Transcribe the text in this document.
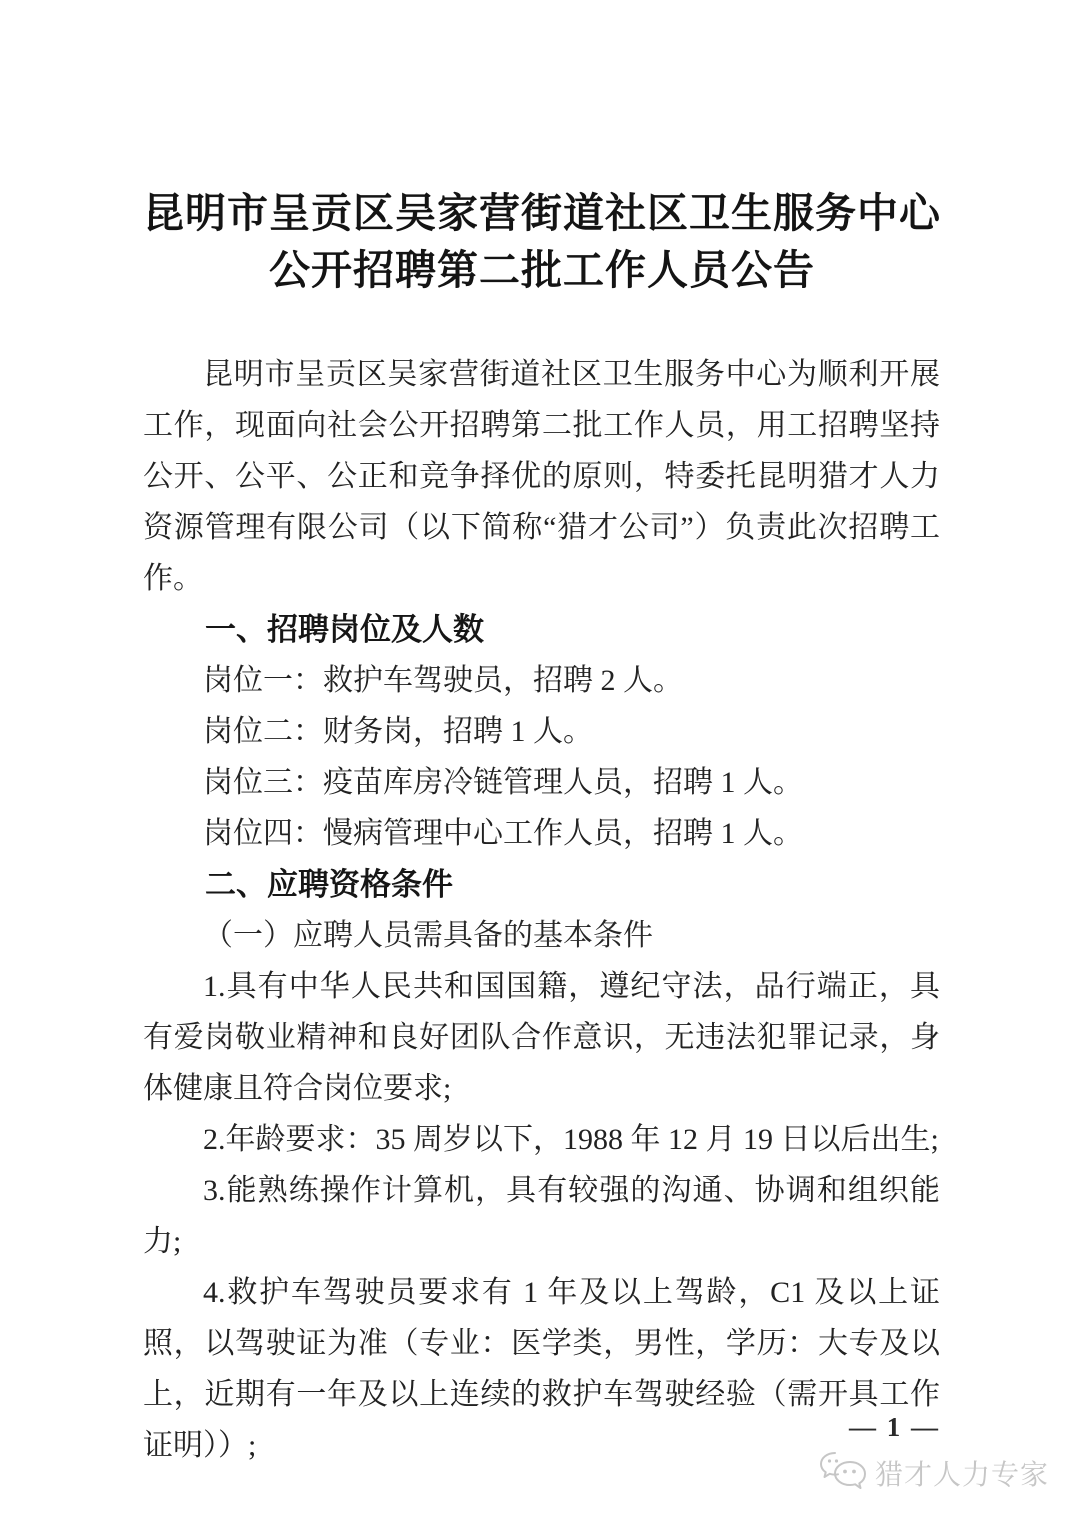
昆明市呈贡区吴家营街道社区卫生服务中心
公开招聘第二批工作人员公告

昆明市呈贡区吴家营街道社区卫生服务中心为顺利开展工作，现面向社会公开招聘第二批工作人员，用工招聘坚持公开、公平、公正和竞争择优的原则，特委托昆明猎才人力资源管理有限公司（以下简称“猎才公司”）负责此次招聘工作。

一、招聘岗位及人数

岗位一：救护车驾驶员，招聘 2 人。

岗位二：财务岗，招聘 1 人。

岗位三：疫苗库房冷链管理人员，招聘 1 人。

岗位四：慢病管理中心工作人员，招聘 1 人。

二、应聘资格条件

（一）应聘人员需具备的基本条件

1.具有中华人民共和国国籍，遵纪守法，品行端正，具有爱岗敬业精神和良好团队合作意识，无违法犯罪记录，身体健康且符合岗位要求;

2.年龄要求：35 周岁以下，1988 年 12 月 19 日以后出生;

3.能熟练操作计算机，具有较强的沟通、协调和组织能力;

4.救护车驾驶员要求有 1 年及以上驾龄，C1 及以上证照，以驾驶证为准（专业：医学类，男性，学历：大专及以上，近期有一年及以上连续的救护车驾驶经验（需开具工作证明））;

— 1 —
猎才人力专家
